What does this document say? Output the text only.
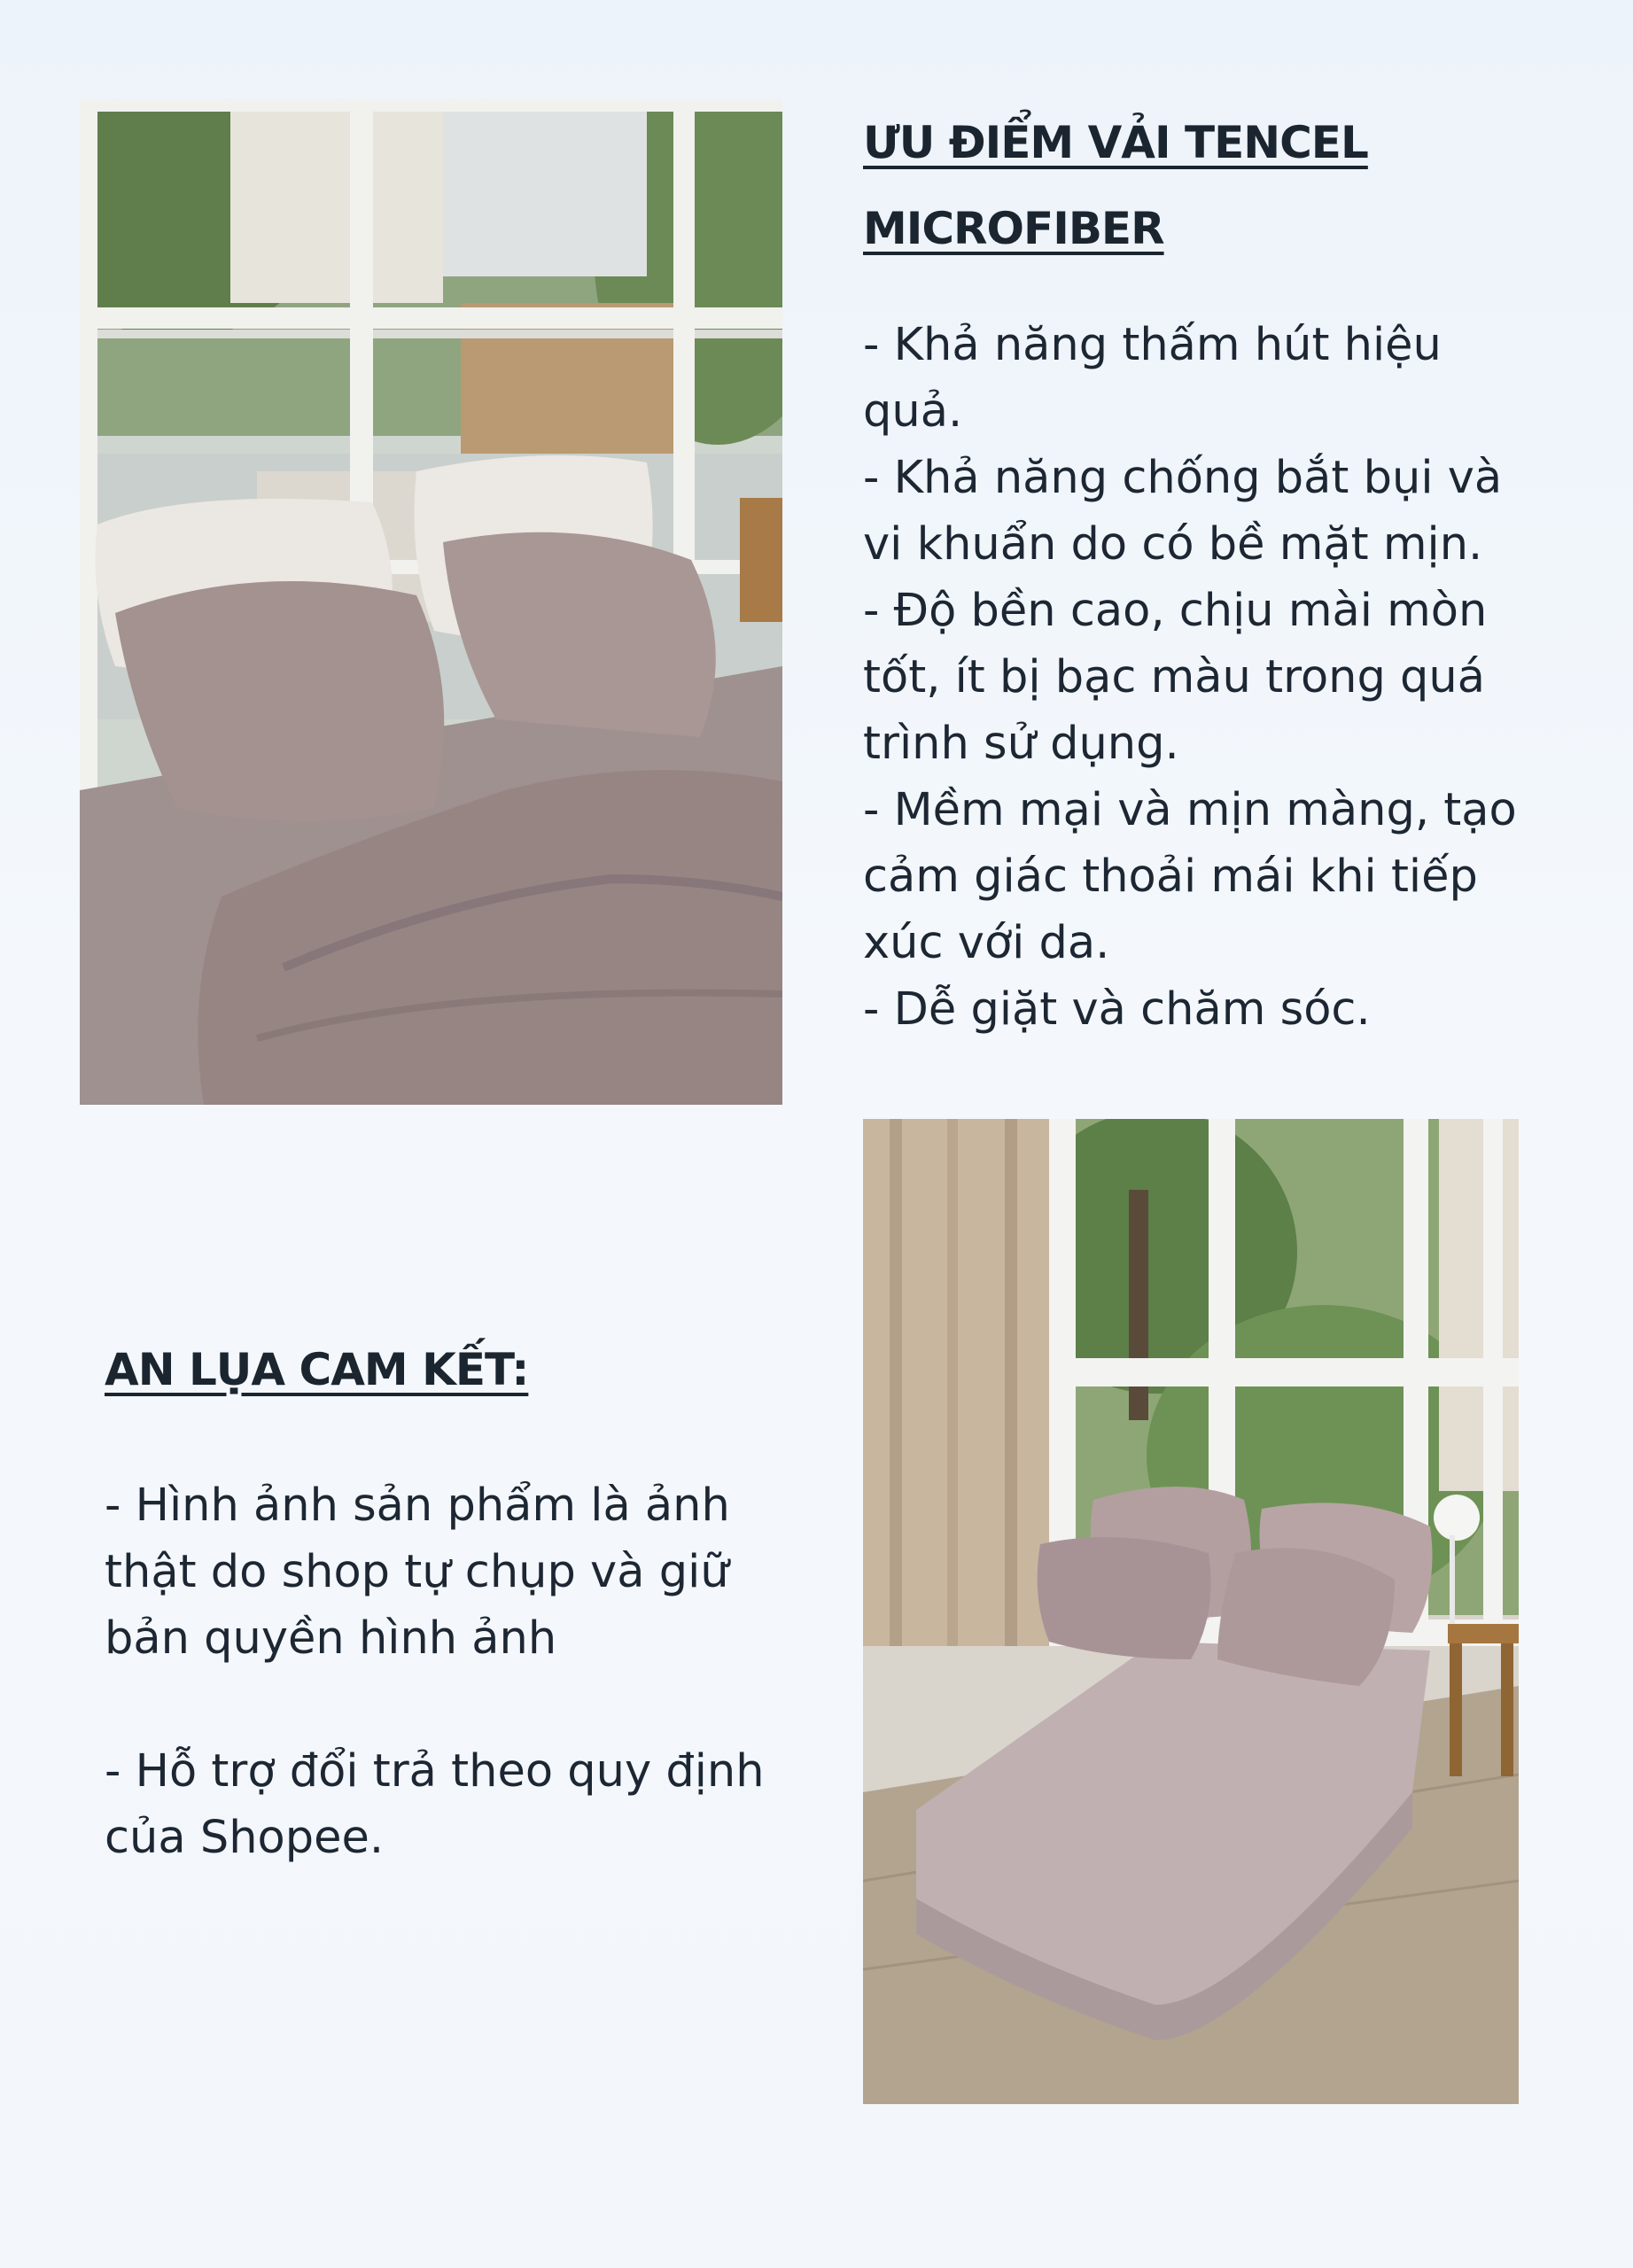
ƯU ĐIỂM VẢI TENCEL MICROFIBER
- Khả năng thấm hút hiệu quả.
- Khả năng chống bắt bụi và vi khuẩn do có bề mặt mịn.
- Độ bền cao, chịu mài mòn tốt, ít bị bạc màu trong quá trình sử dụng.
- Mềm mại và mịn màng, tạo cảm giác thoải mái khi tiếp xúc với da.
- Dễ giặt và chăm sóc.
AN LỤA CAM KẾT:
- Hình ảnh sản phẩm là ảnh thật do shop tự chụp và giữ bản quyền hình ảnh
- Hỗ trợ đổi trả theo quy định của Shopee.
